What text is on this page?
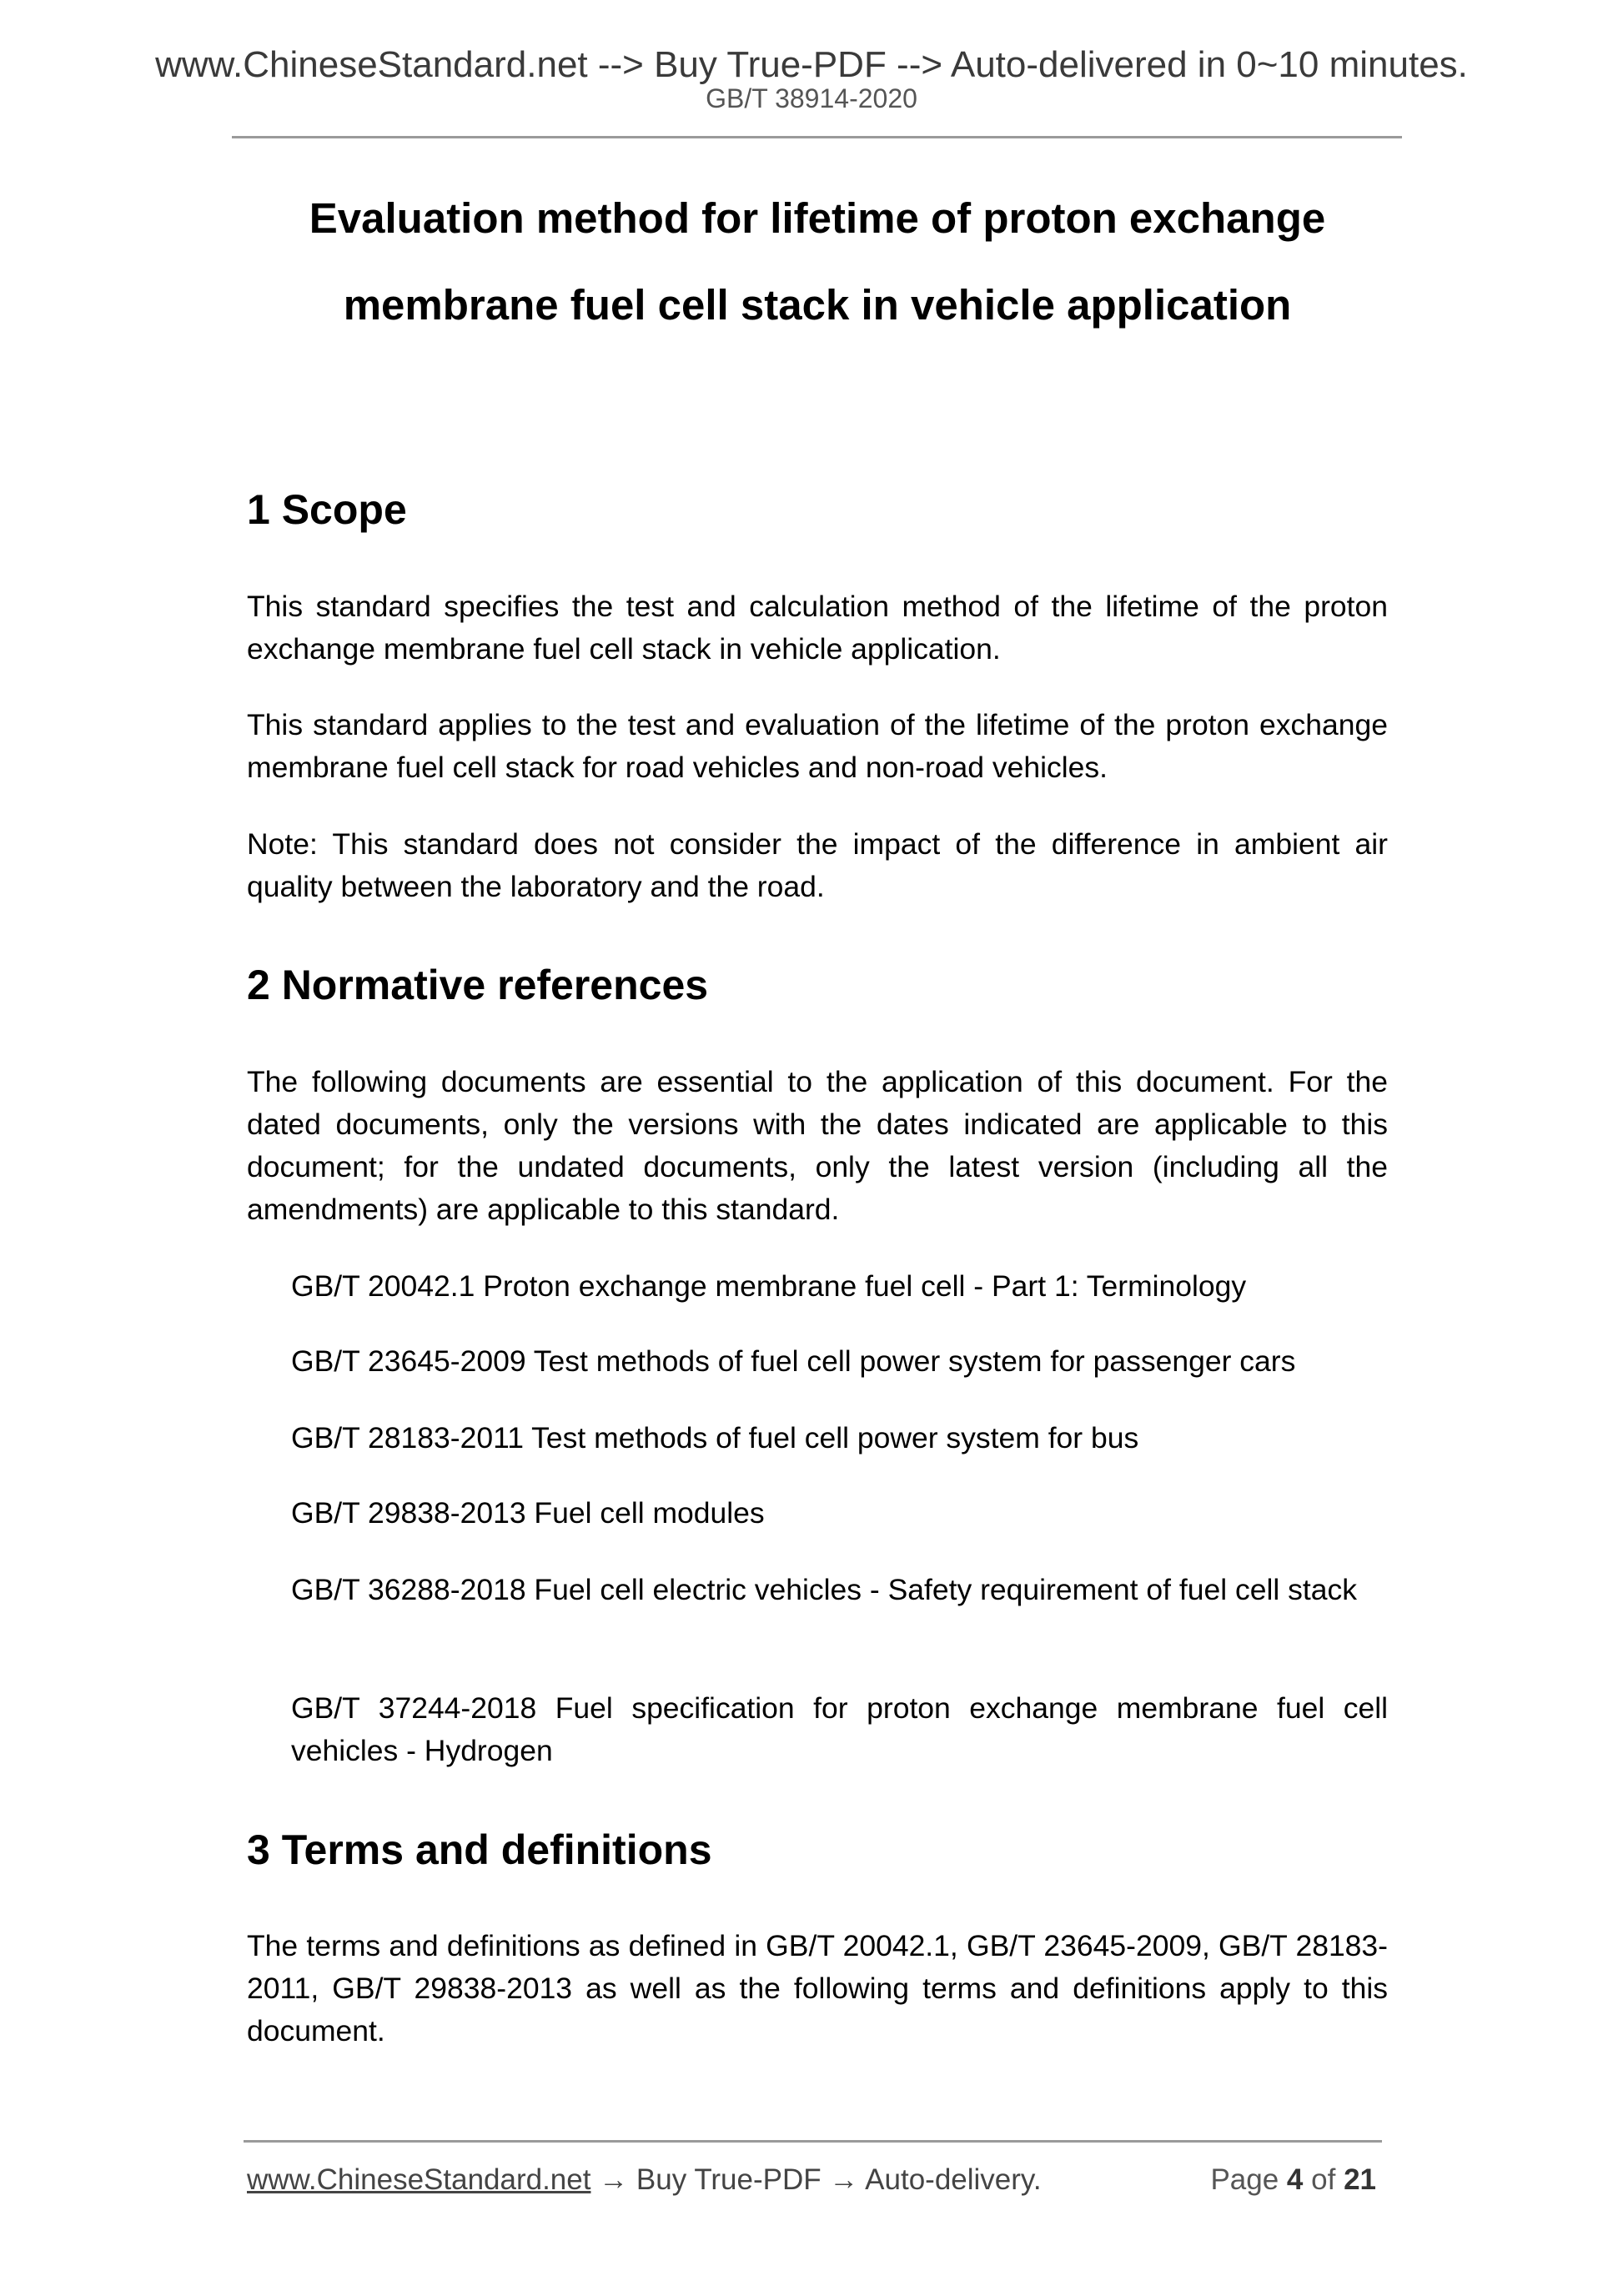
www.ChineseStandard.net --> Buy True-PDF --> Auto-delivered in 0~10 minutes.
GB/T 38914-2020
Evaluation method for lifetime of proton exchange
membrane fuel cell stack in vehicle application
1 Scope
This standard specifies the test and calculation method of the lifetime of the proton exchange membrane fuel cell stack in vehicle application.
This standard applies to the test and evaluation of the lifetime of the proton exchange membrane fuel cell stack for road vehicles and non-road vehicles.
Note: This standard does not consider the impact of the difference in ambient air quality between the laboratory and the road.
2 Normative references
The following documents are essential to the application of this document. For the dated documents, only the versions with the dates indicated are applicable to this document; for the undated documents, only the latest version (including all the amendments) are applicable to this standard.
GB/T 20042.1 Proton exchange membrane fuel cell - Part 1: Terminology
GB/T 23645-2009 Test methods of fuel cell power system for passenger cars
GB/T 28183-2011 Test methods of fuel cell power system for bus
GB/T 29838-2013 Fuel cell modules
GB/T 36288-2018 Fuel cell electric vehicles - Safety requirement of fuel cell stack
GB/T 37244-2018 Fuel specification for proton exchange membrane fuel cell vehicles - Hydrogen
3 Terms and definitions
The terms and definitions as defined in GB/T 20042.1, GB/T 23645-2009, GB/T 28183-2011, GB/T 29838-2013 as well as the following terms and definitions apply to this document.
www.ChineseStandard.net → Buy True-PDF → Auto-delivery.	Page 4 of 21
